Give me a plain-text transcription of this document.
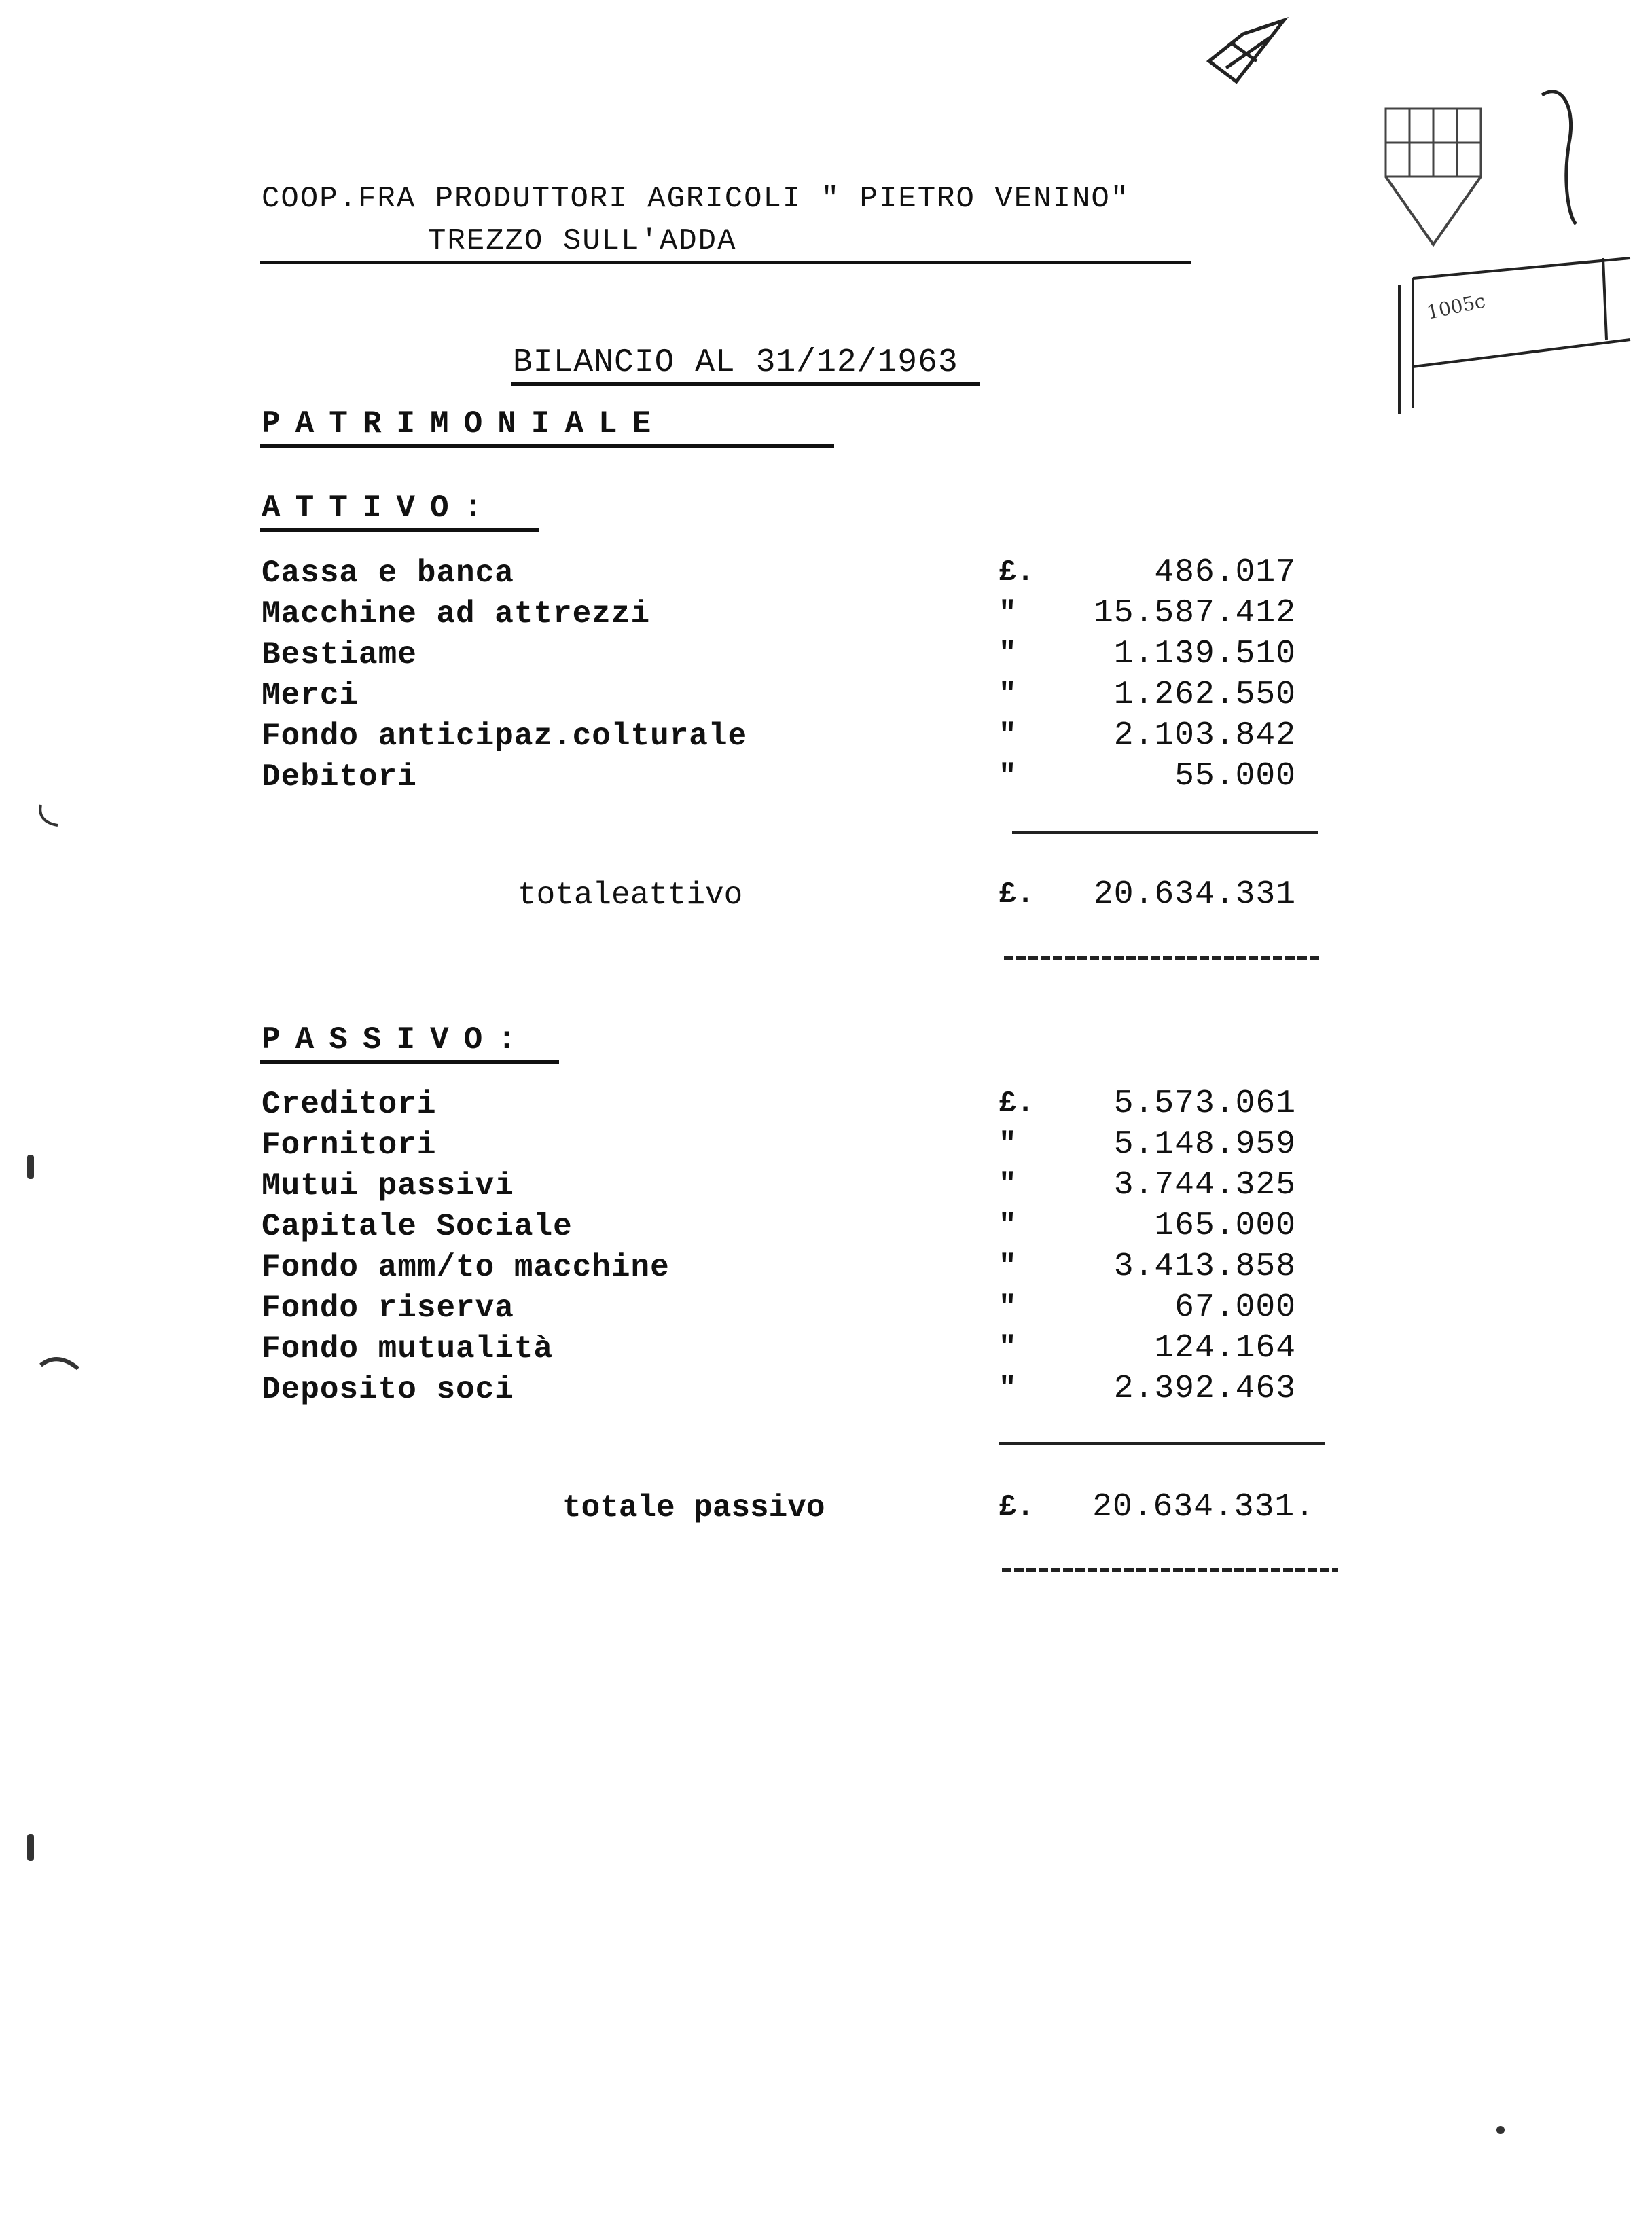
COOP.FRA PRODUTTORI AGRICOLI " PIETRO VENINO"
TREZZO SULL'ADDA
BILANCIO AL 31/12/1963
PATRIMONIALE
ATTIVO:
Cassa e banca	£.	486.017
Macchine ad attrezzi	"	15.587.412
Bestiame	"	1.139.510
Merci	"	1.262.550
Fondo anticipaz.colturale	"	2.103.842
Debitori	"	55.000
totaleattivo	£.	20.634.331
PASSIVO:
Creditori	£.	5.573.061
Fornitori	"	5.148.959
Mutui passivi	"	3.744.325
Capitale Sociale	"	165.000
Fondo amm/to macchine	"	3.413.858
Fondo riserva	"	67.000
Fondo mutualità	"	124.164
Deposito soci	"	2.392.463
totale passivo	£.	20.634.331.
1005c
